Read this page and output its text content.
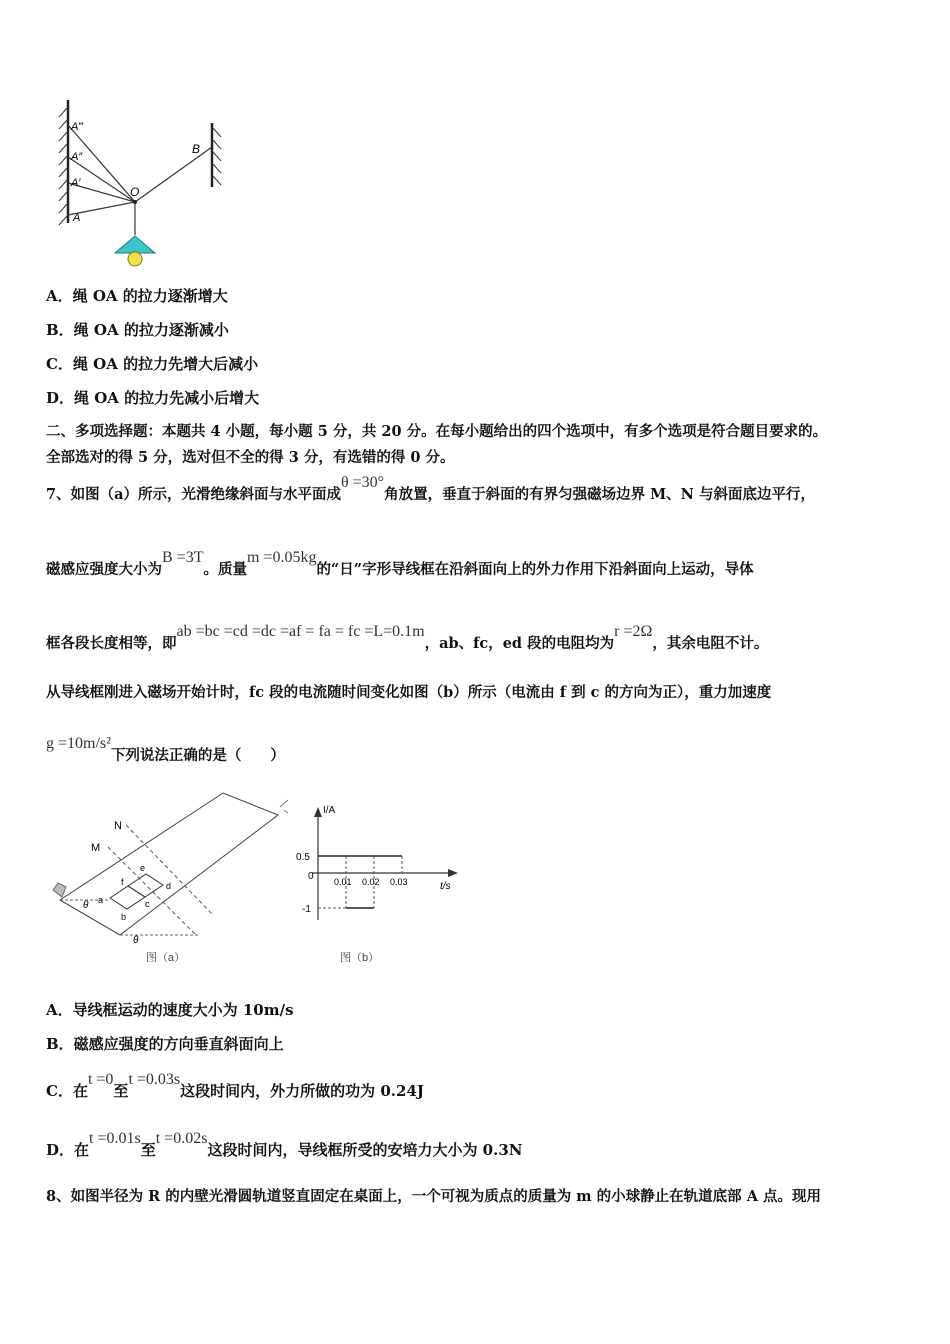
A‴
A″
A′
A
O
B
A．绳 OA 的拉力逐渐增大
B．绳 OA 的拉力逐渐减小
C．绳 OA 的拉力先增大后减小
D．绳 OA 的拉力先减小后增大
二、多项选择题：本题共 4 小题，每小题 5 分，共 20 分。在每小题给出的四个选项中，有多个选项是符合题目要求的。
全部选对的得 5 分，选对但不全的得 3 分，有选错的得 0 分。
7、如图（a）所示，光滑绝缘斜面与水平面成θ =30°角放置，垂直于斜面的有界匀强磁场边界 M、N 与斜面底边平行，
磁感应强度大小为B =3T。质量m =0.05kg的“日”字形导线框在沿斜面向上的外力作用下沿斜面向上运动，导体
框各段长度相等，即ab =bc =cd =dc =af = fa = fc =L=0.1m，ab、fc，ed 段的电阻均为r =2Ω，其余电阻不计。
从导线框刚进入磁场开始计时，fc 段的电流随时间变化如图（b）所示（电流由 f 到 c 的方向为正），重力加速度
g =10m/s²下列说法正确的是（　　）
N
M
θ
θ
a
b
c
d
e
f
图（a）
I/A
t/s
0
0.5
-1
0.01 0.02 0.03
图（b）
A．导线框运动的速度大小为 10m/s
B．磁感应强度的方向垂直斜面向上
C．在t =0至t =0.03s这段时间内，外力所做的功为 0.24J
D．在t =0.01s至t =0.02s这段时间内，导线框所受的安培力大小为 0.3N
8、如图半径为 R 的内壁光滑圆轨道竖直固定在桌面上，一个可视为质点的质量为 m 的小球静止在轨道底部 A 点。现用
